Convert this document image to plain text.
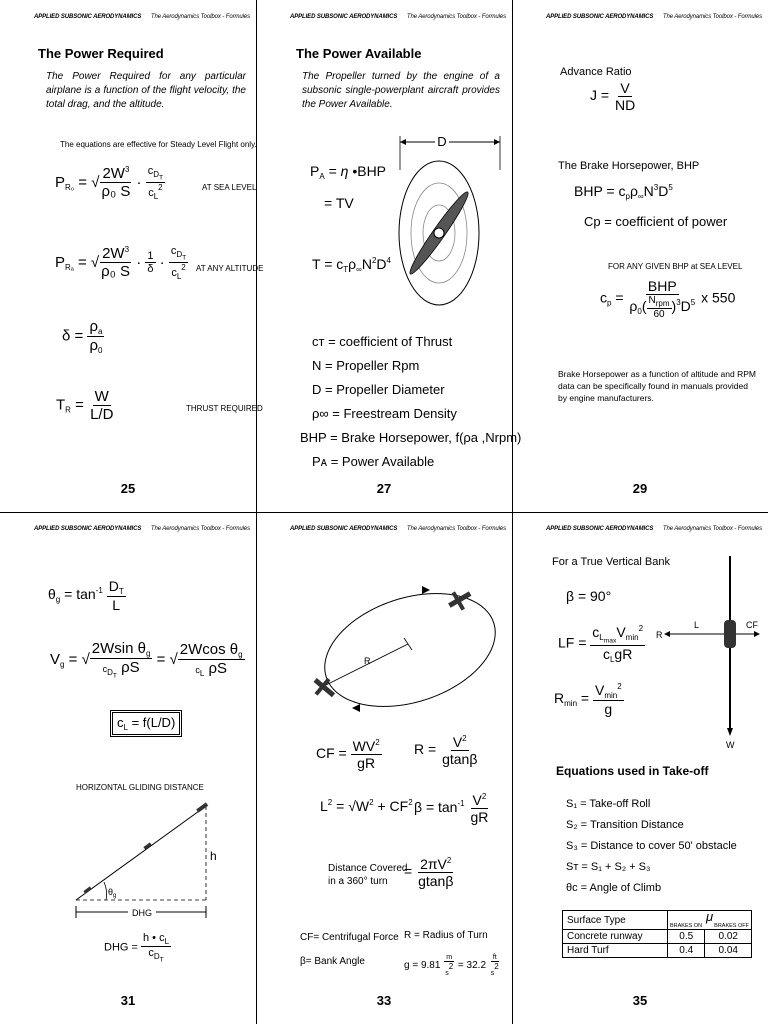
APPLIED SUBSONIC AERODYNAMICS The Aerodynamics Toolbox - Formules
The Power Required
The Power Required for any particular airplane is a function of the flight velocity, the total drag, and the altitude.
The equations are effective for Steady Level Flight only.
$P_{R_0}$ = √ $\frac{2W^3}{\text{ρ₀ S}} \cdot \frac{c_{D_T}}{c_L^2}$	AT SEA LEVEL
$P_{R_a}$ = √ $\frac{2W^3}{\text{ρ₀ S}} \cdot \frac{1}{\delta} \cdot \frac{c_{D_T}}{c_L^2}$ AT ANY ALTITUDE
$\delta = \frac{\rho_a}{\rho_0}$
$T_R = \frac{W}{L/D}$	THRUST REQUIRED
25
APPLIED SUBSONIC AERODYNAMICS The Aerodynamics Toolbox - Formules
The Power Available
The Propeller turned by the engine of a subsonic single-powerplant aircraft provides the Power Available.
$P_A = \eta$ •BHP
= TV
$T = c_T\rho_\infty N^2D^4$
D
cᴛ = coefficient of Thrust
N = Propeller Rpm
D = Propeller Diameter
ρ∞ = Freestream Density
BHP = Brake Horsepower, f(ρa ,Nrpm)
Pᴀ = Power Available
27
APPLIED SUBSONIC AERODYNAMICS The Aerodynamics Toolbox - Formules
Advance Ratio
$J = \frac{V}{ND}$
The Brake Horsepower, BHP
BHP = $c_p\rho_\infty N^3D^5$
Cp = coefficient of power
FOR ANY GIVEN BHP at SEA LEVEL
$c_p = \frac{\text{BHP}}{\rho_0( \frac{N_{rpm}}{60} )^3D^5}$ x 550
Brake Horsepower as a function of altitude and RPM data can be specifically found in manuals provided by engine manufacturers.
29
APPLIED SUBSONIC AERODYNAMICS The Aerodynamics Toolbox - Formules
$\theta_g = \tan^{-1} \frac{D_T}{L}$
$V_g$ = √ $\frac{2Wsin \theta_g}{cD_T \rho S}$ = √ $\frac{2Wcos \theta_g}{\text{cL ρS}}$
$c_L = f(L/D)$
HORIZONTAL GLIDING DISTANCE
$\theta_g$
h
DHG
DHG = $\frac{h • c_L}{c_{D_T}}$
31
APPLIED SUBSONIC AERODYNAMICS The Aerodynamics Toolbox - Formules
R
CF = $\frac{WV^2}{gR}$ $R = \frac{V^2}{gtan\beta}$
$L^2 = √W^2 + CF^2$ $\beta = \tan^{-1} \frac{V^2}{gR}$
Distance Covered
in a 360° turn
= $\frac{2\pi V^2}{gtan\beta}$
CF= Centrifugal Force R = Radius of Turn
β= Bank Angle	$g = 9.81 \frac{m}{s2} = 32.2 \frac{ft}{s2}$
33
APPLIED SUBSONIC AERODYNAMICS The Aerodynamics Toolbox - Formules
For a True Vertical Bank
β = 90°
LF = $\frac{c_{L_{max}}V_{min}^2}{c_LgR}$
$R_{min} = \frac{V_{min}^2}{g}$
CF
L
R
W
Equations used in Take-off
S₁ = Take-off Roll
S₂ = Transition Distance
S₃ = Distance to cover 50' obstacle
Sᴛ = S₁ + S₂ + S₃
θc = Angle of Climb
Surface Type	μ
BRAKES ON BRAKES OFF	

Concrete runway	0.5	0.02
Hard Turf	0.4	0.04
35
